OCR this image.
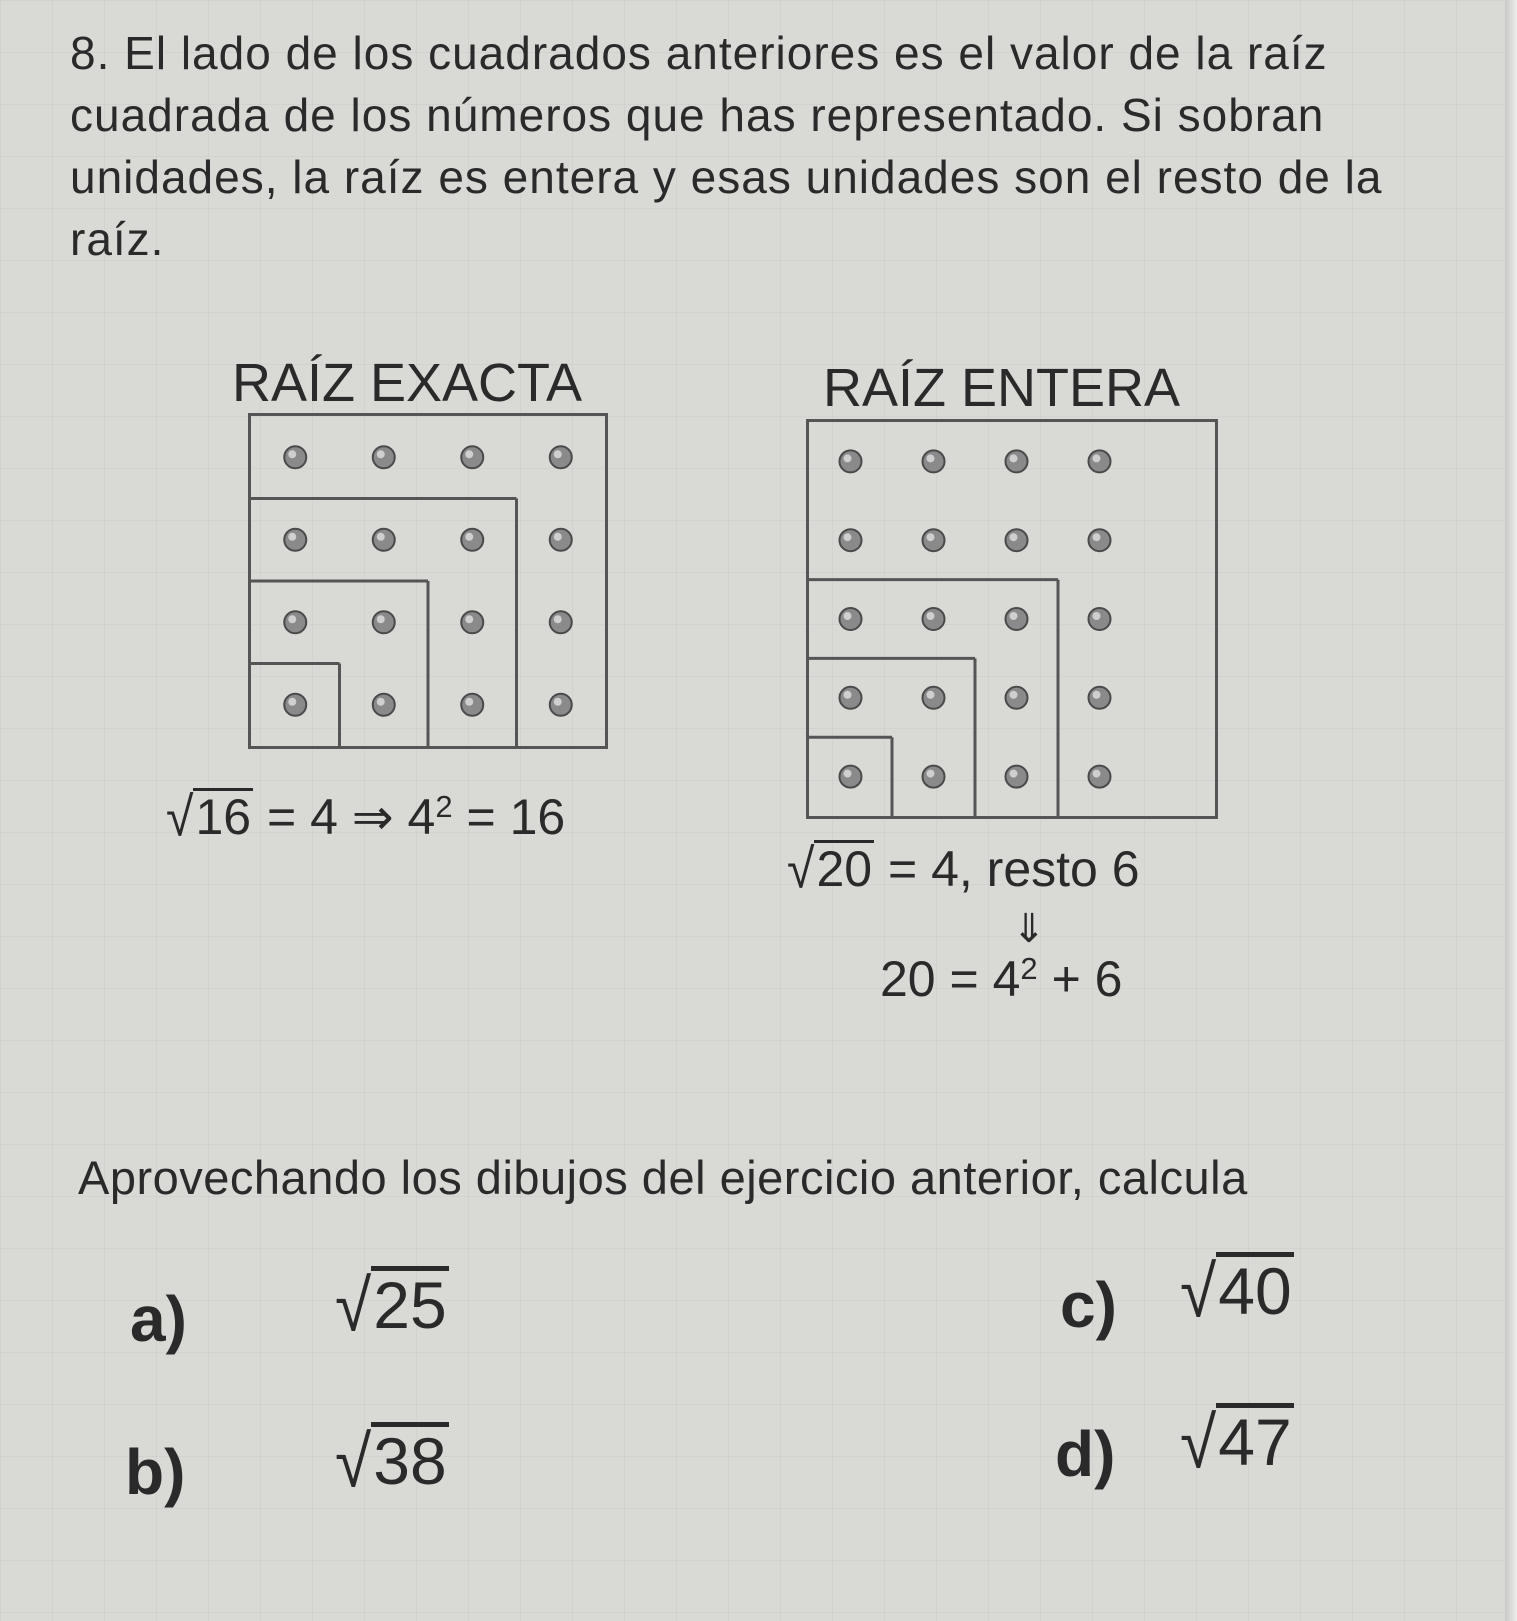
8. El lado de los cuadrados anteriores es el valor de la raíz cuadrada de los números que has representado. Si sobran unidades, la raíz es entera y esas unidades son el resto de la raíz.

RAÍZ EXACTA
√16 = 4 ⇒ $4^2 = 16$
RAÍZ ENTERA
√20 = 4, resto 6
⇓
$20 = 4^2 + 6$
Aprovechando los dibujos del ejercicio anterior, calcula
a) √25
b) √38
c) √40
d) √47
